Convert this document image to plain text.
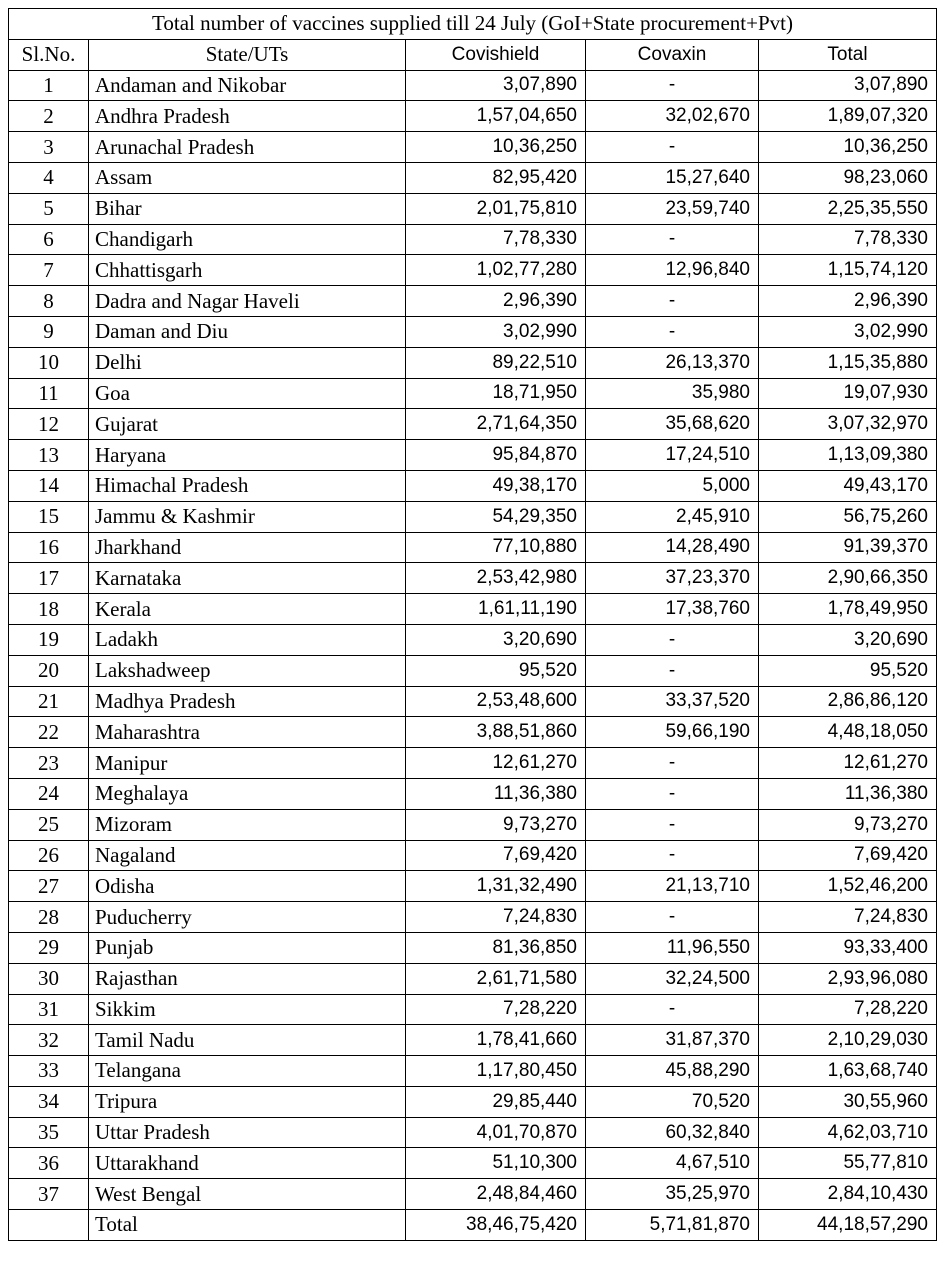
Total number of vaccines supplied till 24 July (GoI+State procurement+Pvt)				
Sl.No.	State/UTs	Covishield	Covaxin	Total
1	Andaman and Nikobar	3,07,890	-	3,07,890
2	Andhra Pradesh	1,57,04,650	32,02,670	1,89,07,320
3	Arunachal Pradesh	10,36,250	-	10,36,250
4	Assam	82,95,420	15,27,640	98,23,060
5	Bihar	2,01,75,810	23,59,740	2,25,35,550
6	Chandigarh	7,78,330	-	7,78,330
7	Chhattisgarh	1,02,77,280	12,96,840	1,15,74,120
8	Dadra and Nagar Haveli	2,96,390	-	2,96,390
9	Daman and Diu	3,02,990	-	3,02,990
10	Delhi	89,22,510	26,13,370	1,15,35,880
11	Goa	18,71,950	35,980	19,07,930
12	Gujarat	2,71,64,350	35,68,620	3,07,32,970
13	Haryana	95,84,870	17,24,510	1,13,09,380
14	Himachal Pradesh	49,38,170	5,000	49,43,170
15	Jammu & Kashmir	54,29,350	2,45,910	56,75,260
16	Jharkhand	77,10,880	14,28,490	91,39,370
17	Karnataka	2,53,42,980	37,23,370	2,90,66,350
18	Kerala	1,61,11,190	17,38,760	1,78,49,950
19	Ladakh	3,20,690	-	3,20,690
20	Lakshadweep	95,520	-	95,520
21	Madhya Pradesh	2,53,48,600	33,37,520	2,86,86,120
22	Maharashtra	3,88,51,860	59,66,190	4,48,18,050
23	Manipur	12,61,270	-	12,61,270
24	Meghalaya	11,36,380	-	11,36,380
25	Mizoram	9,73,270	-	9,73,270
26	Nagaland	7,69,420	-	7,69,420
27	Odisha	1,31,32,490	21,13,710	1,52,46,200
28	Puducherry	7,24,830	-	7,24,830
29	Punjab	81,36,850	11,96,550	93,33,400
30	Rajasthan	2,61,71,580	32,24,500	2,93,96,080
31	Sikkim	7,28,220	-	7,28,220
32	Tamil Nadu	1,78,41,660	31,87,370	2,10,29,030
33	Telangana	1,17,80,450	45,88,290	1,63,68,740
34	Tripura	29,85,440	70,520	30,55,960
35	Uttar Pradesh	4,01,70,870	60,32,840	4,62,03,710
36	Uttarakhand	51,10,300	4,67,510	55,77,810
37	West Bengal	2,48,84,460	35,25,970	2,84,10,430
	Total	38,46,75,420	5,71,81,870	44,18,57,290
